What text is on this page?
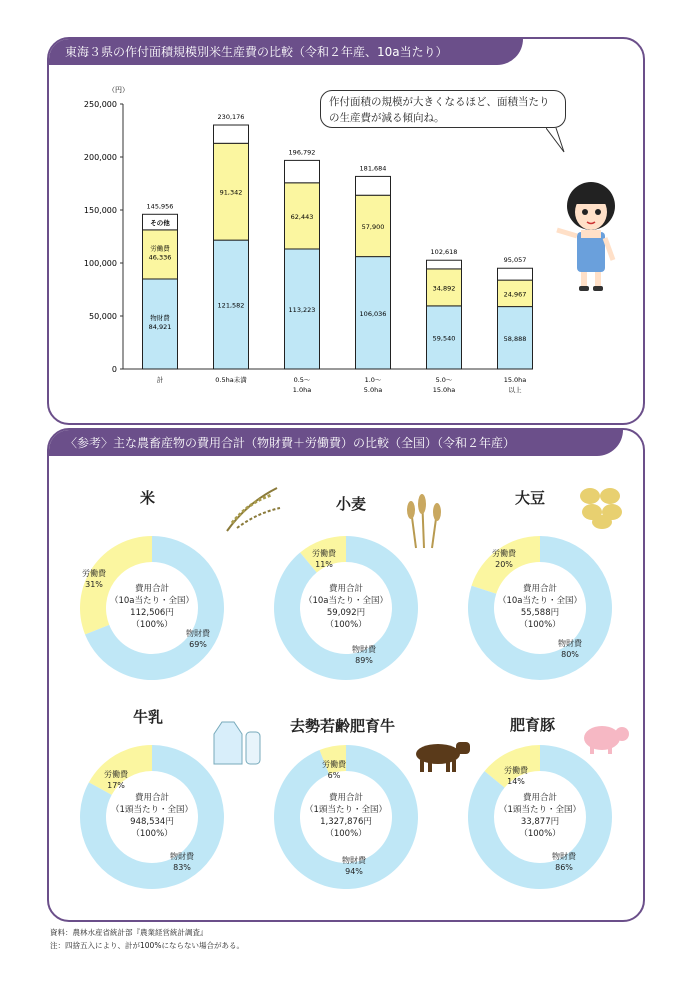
東海３県の作付面積規模別米生産費の比較（令和２年産、10a当たり）
（円）
0
50,000
100,000
150,000
200,000
250,000
物財費
84,921
労働費
46,336
その他
145,956
計
121,582
91,342
230,176
0.5ha未満
113,223
62,443
196,792
0.5～
1.0ha
106,036
57,900
181,684
1.0～
5.0ha
59,540
34,892
102,618
5.0～
15.0ha
58,888
24,967
95,057
15.0ha
以上
作付面積の規模が大きくなるほど、面積当たり
の生産費が減る傾向ね。
〈参考〉主な農畜産物の費用合計（物財費＋労働費）の比較（全国）（令和２年産）
米
費用合計
（10a当たり・全国）
112,506円
（100%）
労働費
31%
物財費
69%
小麦
費用合計
（10a当たり・全国）
59,092円
（100%）
労働費
11%
物財費
89%
大豆
費用合計
（10a当たり・全国）
55,588円
（100%）
労働費
20%
物財費
80%
牛乳
費用合計
（1頭当たり・全国）
948,534円
（100%）
労働費
17%
物財費
83%
去勢若齢肥育牛
費用合計
（1頭当たり・全国）
1,327,876円
（100%）
労働費
6%
物財費
94%
肥育豚
費用合計
（1頭当たり・全国）
33,877円
（100%）
労働費
14%
物財費
86%
資料：農林水産省統計部『農業経営統計調査』
注：四捨五入により、計が100%にならない場合がある。
